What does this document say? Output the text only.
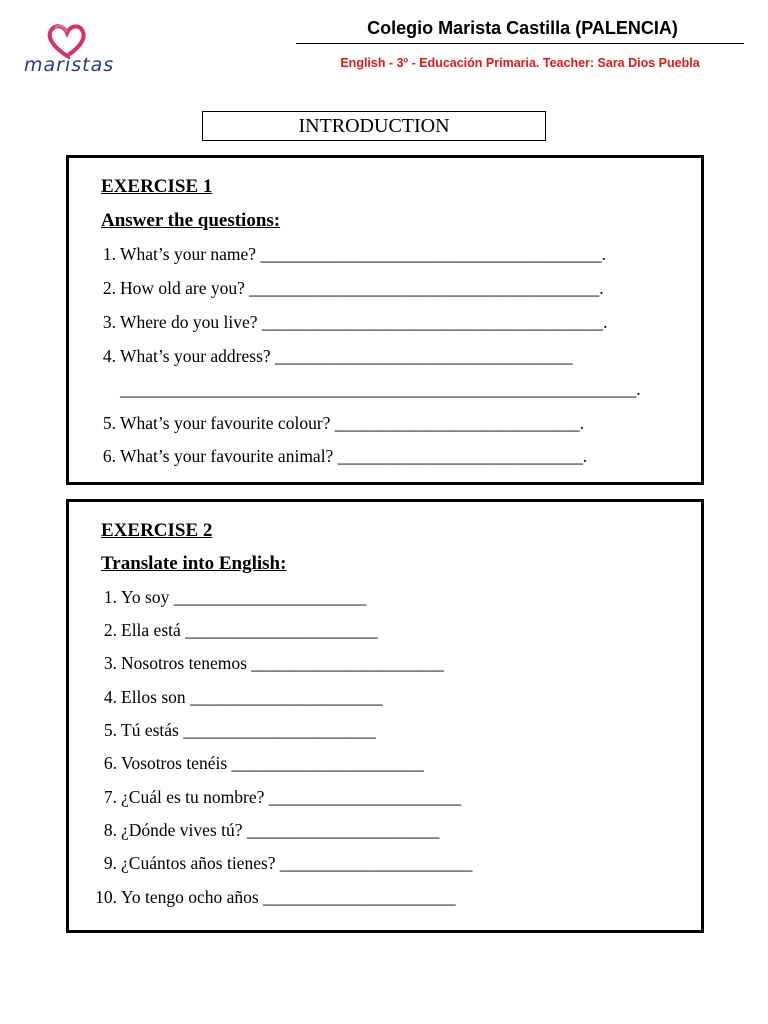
maristas
Colegio Marista Castilla (PALENCIA)
English - 3º - Educación Primaria. Teacher: Sara Dios Puebla
INTRODUCTION
EXERCISE 1
Answer the questions:
1. What’s your name? _______________________________________.
2. How old are you? ________________________________________.
3. Where do you live? _______________________________________.
4. What’s your address? __________________________________
___________________________________________________________.
5. What’s your favourite colour? ____________________________.
6. What’s your favourite animal? ____________________________.
EXERCISE 2
Translate into English:
1. Yo soy ______________________
2. Ella está ______________________
3. Nosotros tenemos ______________________
4. Ellos son ______________________
5. Tú estás ______________________
6. Vosotros tenéis ______________________
7. ¿Cuál es tu nombre? ______________________
8. ¿Dónde vives tú? ______________________
9. ¿Cuántos años tienes? ______________________
10. Yo tengo ocho años ______________________
